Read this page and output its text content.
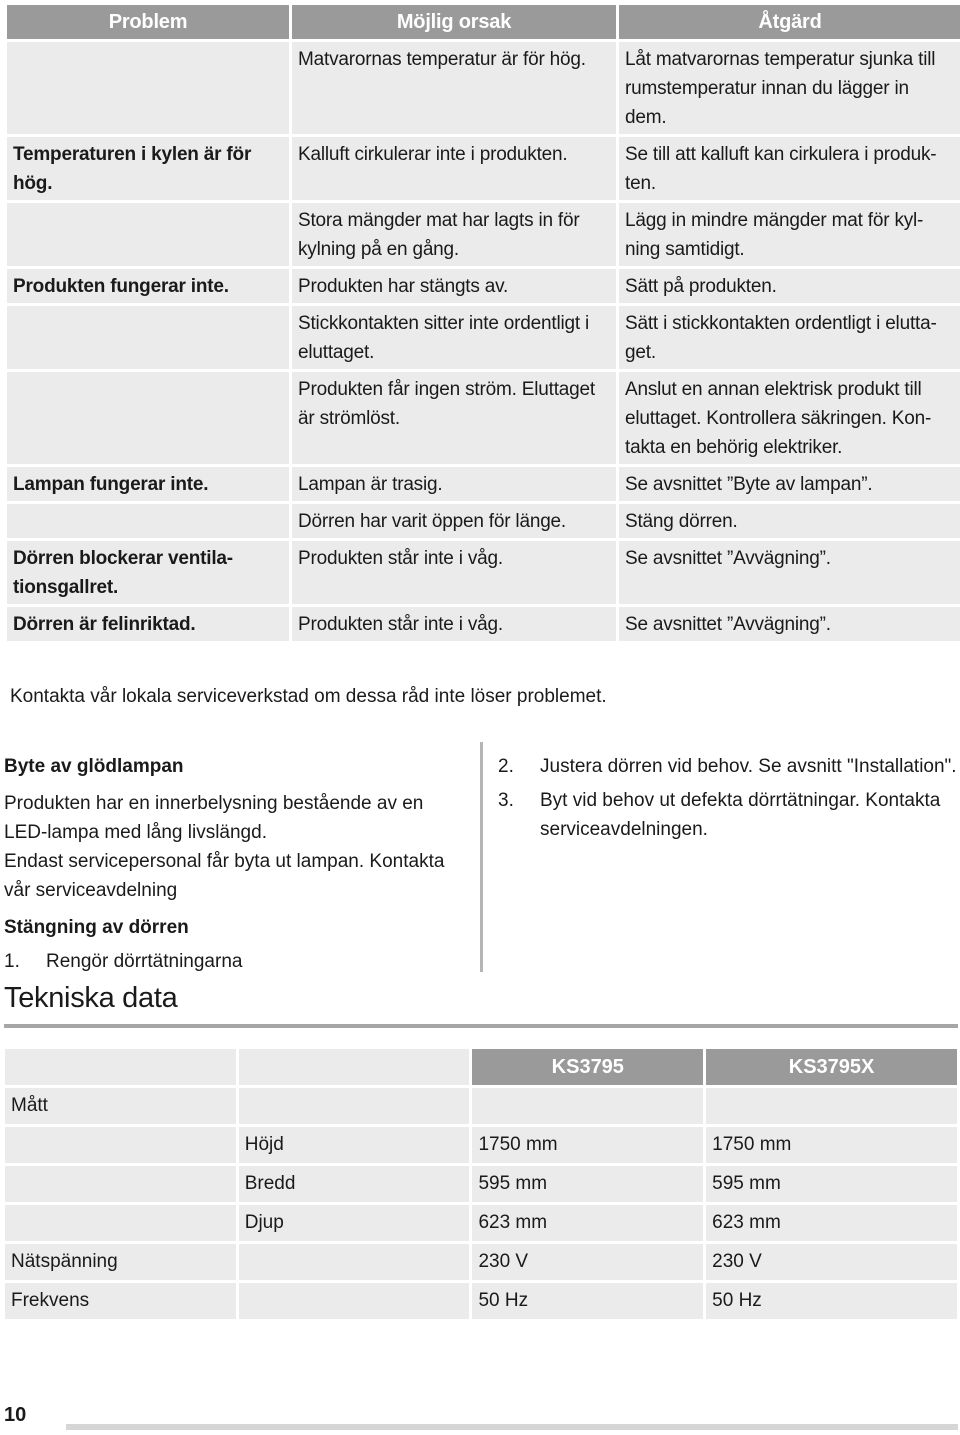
Problem	Möjlig orsak	Åtgärd
	Matvarornas temperatur är för hög.	Låt matvarornas temperatur sjunka till rumstemperatur innan du lägger in dem.
Temperaturen i kylen är för hög.	Kalluft cirkulerar inte i produkten.	Se till att kalluft kan cirkulera i produk-ten.
	Stora mängder mat har lagts in för kylning på en gång.	Lägg in mindre mängder mat för kyl-ning samtidigt.
Produkten fungerar inte.	Produkten har stängts av.	Sätt på produkten.
	Stickkontakten sitter inte ordentligt i eluttaget.	Sätt i stickkontakten ordentligt i elutta-get.
	Produkten får ingen ström. Eluttaget är strömlöst.	Anslut en annan elektrisk produkt till eluttaget. Kontrollera säkringen. Kon-takta en behörig elektriker.
Lampan fungerar inte.	Lampan är trasig.	Se avsnittet ”Byte av lampan”.
	Dörren har varit öppen för länge.	Stäng dörren.
Dörren blockerar ventila-tionsgallret.	Produkten står inte i våg.	Se avsnittet ”Avvägning”.
Dörren är felinriktad.	Produkten står inte i våg.	Se avsnittet ”Avvägning”.
Kontakta vår lokala serviceverkstad om dessa råd inte löser problemet.
Byte av glödlampan

Produkten har en innerbelysning bestående av en LED-lampa med lång livslängd.

Endast servicepersonal får byta ut lampan. Kontakta vår serviceavdelning

Stängning av dörren
1.	Rengör dörrtätningarna
2.	Justera dörren vid behov. Se avsnitt "Installation".
3.	Byt vid behov ut defekta dörrtätningar. Kontakta serviceavdelningen.
Tekniska data
		KS3795	KS3795X
Mått			
	Höjd	1750 mm	1750 mm
	Bredd	595 mm	595 mm
	Djup	623 mm	623 mm
Nätspänning		230 V	230 V
Frekvens		50 Hz	50 Hz
10
